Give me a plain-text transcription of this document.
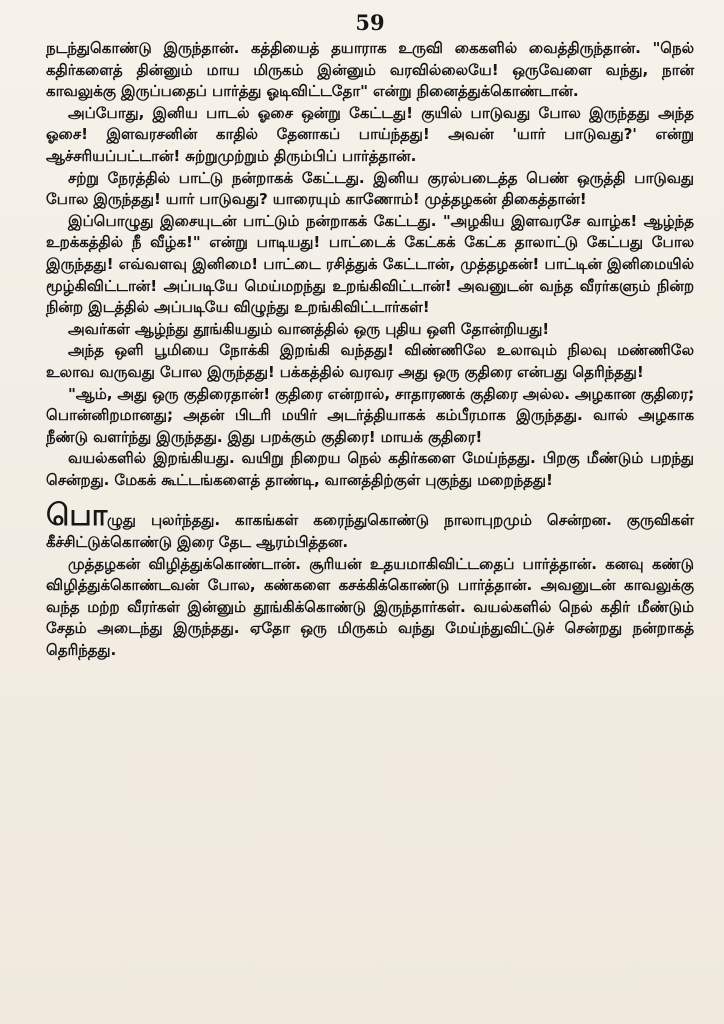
59

நடந்துகொண்டு இருந்தான். கத்தியைத் தயாராக உருவி கைகளில் வைத்திருந்தான். "நெல் கதிர்களைத் தின்னும் மாய மிருகம் இன்னும் வரவில்லையே! ஒருவேளை வந்து, நான் காவலுக்கு இருப்பதைப் பார்த்து ஓடிவிட்டதோ" என்று நினைத்துக்கொண்டான்.

அப்போது, இனிய பாடல் ஓசை ஒன்று கேட்டது! குயில் பாடுவது போல இருந்தது அந்த ஓசை! இளவரசனின் காதில் தேனாகப் பாய்ந்தது! அவன் 'யார் பாடுவது?' என்று ஆச்சரியப்பட்டான்! சுற்றுமுற்றும் திரும்பிப் பார்த்தான்.

சற்று நேரத்தில் பாட்டு நன்றாகக் கேட்டது. இனிய குரல்படைத்த பெண் ஒருத்தி பாடுவது போல இருந்தது! யார் பாடுவது? யாரையும் காணோம்! முத்தழகன் திகைத்தான்!

இப்பொழுது இசையுடன் பாட்டும் நன்றாகக் கேட்டது. "அழகிய இளவரசே வாழ்க! ஆழ்ந்த உறக்கத்தில் நீ வீழ்க!" என்று பாடியது! பாட்டைக் கேட்கக் கேட்க தாலாட்டு கேட்பது போல இருந்தது! எவ்வளவு இனிமை! பாட்டை ரசித்துக் கேட்டான், முத்தழகன்! பாட்டின் இனிமையில் மூழ்கிவிட்டான்! அப்படியே மெய்மறந்து உறங்கிவிட்டான்! அவனுடன் வந்த வீரர்களும் நின்ற நின்ற இடத்தில் அப்படியே விழுந்து உறங்கிவிட்டார்கள்!

அவர்கள் ஆழ்ந்து தூங்கியதும் வானத்தில் ஒரு புதிய ஒளி தோன்றியது!

அந்த ஒளி பூமியை நோக்கி இறங்கி வந்தது! விண்ணிலே உலாவும் நிலவு மண்ணிலே உலாவ வருவது போல இருந்தது! பக்கத்தில் வரவர அது ஒரு குதிரை என்பது தெரிந்தது!

"ஆம், அது ஒரு குதிரைதான்! குதிரை என்றால், சாதாரணக் குதிரை அல்ல. அழகான குதிரை; பொன்னிறமானது; அதன் பிடரி மயிர் அடர்த்தியாகக் கம்பீரமாக இருந்தது. வால் அழகாக நீண்டு வளர்ந்து இருந்தது. இது பறக்கும் குதிரை! மாயக் குதிரை!

வயல்களில் இறங்கியது. வயிறு நிறைய நெல் கதிர்களை மேய்ந்தது. பிறகு மீண்டும் பறந்து சென்றது. மேகக் கூட்டங்களைத் தாண்டி, வானத்திற்குள் புகுந்து மறைந்தது!

பொழுது புலர்ந்தது. காகங்கள் கரைந்துகொண்டு நாலாபுறமும் சென்றன. குருவிகள் கீச்சிட்டுக்கொண்டு இரை தேட ஆரம்பித்தன.

முத்தழகன் விழித்துக்கொண்டான். சூரியன் உதயமாகிவிட்டதைப் பார்த்தான். கனவு கண்டு விழித்துக்கொண்டவன் போல, கண்களை கசக்கிக்கொண்டு பார்த்தான். அவனுடன் காவலுக்கு வந்த மற்ற வீரர்கள் இன்னும் தூங்கிக்கொண்டு இருந்தார்கள். வயல்களில் நெல் கதிர் மீண்டும் சேதம் அடைந்து இருந்தது. ஏதோ ஒரு மிருகம் வந்து மேய்ந்துவிட்டுச் சென்றது நன்றாகத் தெரிந்தது.
